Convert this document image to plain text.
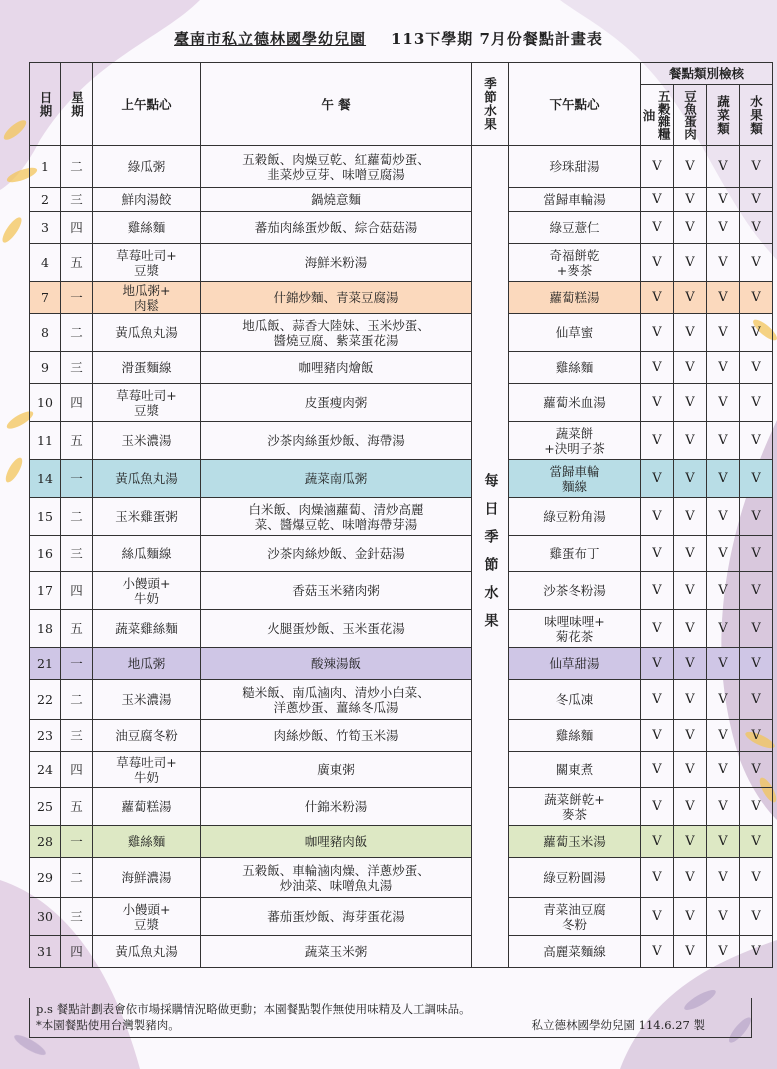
臺南市私立德林國學幼兒園 113下學期 7月份餐點計畫表
日期	星期	上午點心	午 餐	季節水果	下午點心	餐點類別檢核			
						油五穀雜糧	豆魚蛋肉	蔬菜類	水果類

1	二	綠瓜粥	五穀飯、肉燥豆乾、紅蘿蔔炒蛋、
韭菜炒豆芽、味噌豆腐湯	每日季節水果	珍珠甜湯	V	V	V	V
2	三	鮮肉湯餃	鍋燒意麵		當歸車輪湯	V	V	V	V
3	四	雞絲麵	蕃茄肉絲蛋炒飯、綜合菇菇湯		綠豆薏仁	V	V	V	V
4	五	草莓吐司+
豆漿	海鮮米粉湯		奇福餅乾
+麥茶	V	V	V	V
7	一	地瓜粥+
肉鬆	什錦炒麵、青菜豆腐湯		蘿蔔糕湯	V	V	V	V
8	二	黃瓜魚丸湯	地瓜飯、蒜香大陸妹、玉米炒蛋、
醬燒豆腐、紫菜蛋花湯		仙草蜜	V	V	V	V
9	三	滑蛋麵線	咖哩豬肉燴飯		雞絲麵	V	V	V	V
10	四	草莓吐司+
豆漿	皮蛋瘦肉粥		蘿蔔米血湯	V	V	V	V
11	五	玉米濃湯	沙茶肉絲蛋炒飯、海帶湯		蔬菜餅
+決明子茶	V	V	V	V
14	一	黃瓜魚丸湯	蔬菜南瓜粥		當歸車輪
麵線	V	V	V	V
15	二	玉米雞蛋粥	白米飯、肉燥滷蘿蔔、清炒高麗
菜、醬爆豆乾、味噌海帶芽湯		綠豆粉角湯	V	V	V	V
16	三	絲瓜麵線	沙茶肉絲炒飯、金針菇湯		雞蛋布丁	V	V	V	V
17	四	小饅頭+
牛奶	香菇玉米豬肉粥		沙茶冬粉湯	V	V	V	V
18	五	蔬菜雞絲麵	火腿蛋炒飯、玉米蛋花湯		味哩味哩+
菊花茶	V	V	V	V
21	一	地瓜粥	酸辣湯飯		仙草甜湯	V	V	V	V
22	二	玉米濃湯	糙米飯、南瓜滷肉、清炒小白菜、
洋蔥炒蛋、薑絲冬瓜湯		冬瓜凍	V	V	V	V
23	三	油豆腐冬粉	肉絲炒飯、竹筍玉米湯		雞絲麵	V	V	V	V
24	四	草莓吐司+
牛奶	廣東粥		關東煮	V	V	V	V
25	五	蘿蔔糕湯	什錦米粉湯		蔬菜餅乾+
麥茶	V	V	V	V
28	一	雞絲麵	咖哩豬肉飯		蘿蔔玉米湯	V	V	V	V
29	二	海鮮濃湯	五穀飯、車輪滷肉燥、洋蔥炒蛋、
炒油菜、味噌魚丸湯		綠豆粉圓湯	V	V	V	V
30	三	小饅頭+
豆漿	蕃茄蛋炒飯、海芽蛋花湯		青菜油豆腐
冬粉	V	V	V	V
31	四	黃瓜魚丸湯	蔬菜玉米粥		高麗菜麵線	V	V	V	V
p.s 餐點計劃表會依市場採購情況略做更動；本園餐點製作無使用味精及人工調味品。
*本園餐點使用台灣製豬肉。	私立德林國學幼兒園 114.6.27 製
